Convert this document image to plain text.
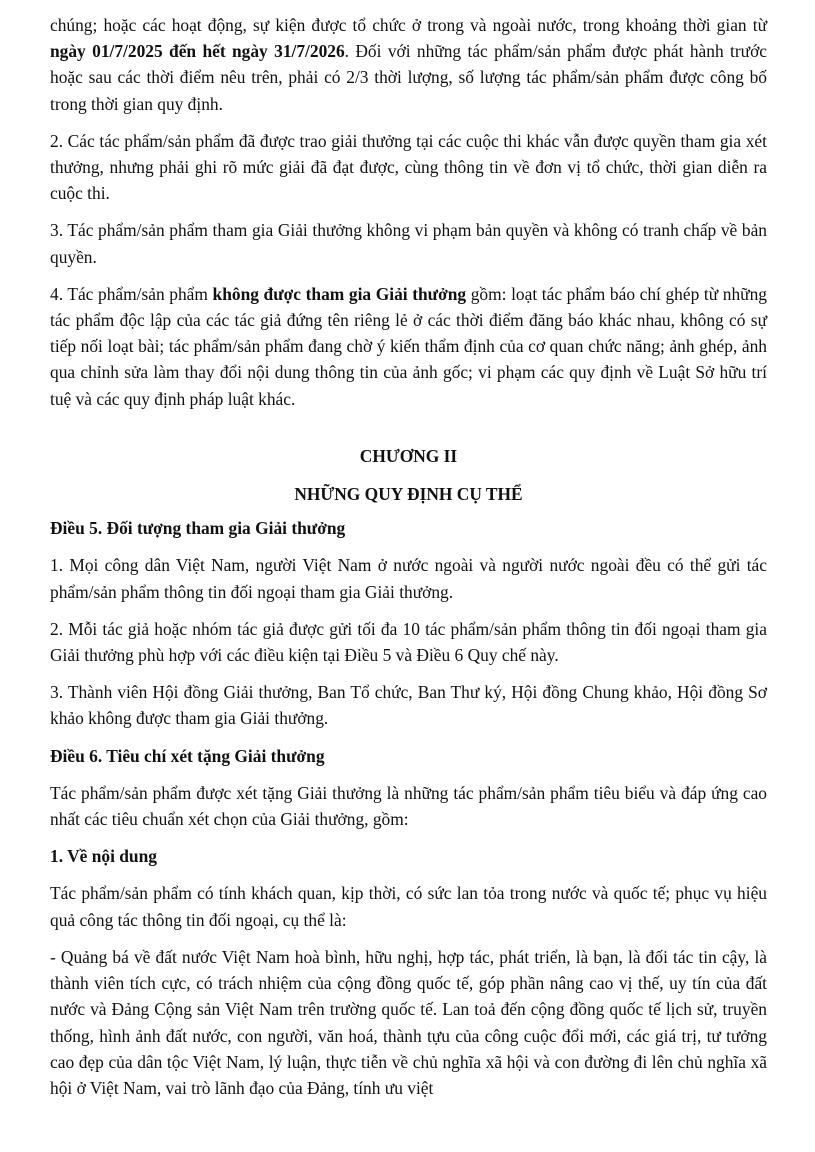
chúng; hoặc các hoạt động, sự kiện được tổ chức ở trong và ngoài nước, trong khoảng thời gian từ ngày 01/7/2025 đến hết ngày 31/7/2026. Đối với những tác phẩm/sản phẩm được phát hành trước hoặc sau các thời điểm nêu trên, phải có 2/3 thời lượng, số lượng tác phẩm/sản phẩm được công bố trong thời gian quy định.

2. Các tác phẩm/sản phẩm đã được trao giải thưởng tại các cuộc thi khác vẫn được quyền tham gia xét thưởng, nhưng phải ghi rõ mức giải đã đạt được, cùng thông tin về đơn vị tổ chức, thời gian diễn ra cuộc thi.

3. Tác phẩm/sản phẩm tham gia Giải thưởng không vi phạm bản quyền và không có tranh chấp về bản quyền.

4. Tác phẩm/sản phẩm không được tham gia Giải thưởng gồm: loạt tác phẩm báo chí ghép từ những tác phẩm độc lập của các tác giả đứng tên riêng lẻ ở các thời điểm đăng báo khác nhau, không có sự tiếp nối loạt bài; tác phẩm/sản phẩm đang chờ ý kiến thẩm định của cơ quan chức năng; ảnh ghép, ảnh qua chỉnh sửa làm thay đổi nội dung thông tin của ảnh gốc; vi phạm các quy định về Luật Sở hữu trí tuệ và các quy định pháp luật khác.

CHƯƠNG II

NHỮNG QUY ĐỊNH CỤ THỂ

Điều 5. Đối tượng tham gia Giải thưởng

1. Mọi công dân Việt Nam, người Việt Nam ở nước ngoài và người nước ngoài đều có thể gửi tác phẩm/sản phẩm thông tin đối ngoại tham gia Giải thưởng.

2. Mỗi tác giả hoặc nhóm tác giả được gửi tối đa 10 tác phẩm/sản phẩm thông tin đối ngoại tham gia Giải thưởng phù hợp với các điều kiện tại Điều 5 và Điều 6 Quy chế này.

3. Thành viên Hội đồng Giải thưởng, Ban Tổ chức, Ban Thư ký, Hội đồng Chung khảo, Hội đồng Sơ khảo không được tham gia Giải thưởng.

Điều 6. Tiêu chí xét tặng Giải thưởng

Tác phẩm/sản phẩm được xét tặng Giải thưởng là những tác phẩm/sản phẩm tiêu biểu và đáp ứng cao nhất các tiêu chuẩn xét chọn của Giải thưởng, gồm:

1. Về nội dung

Tác phẩm/sản phẩm có tính khách quan, kịp thời, có sức lan tỏa trong nước và quốc tế; phục vụ hiệu quả công tác thông tin đối ngoại, cụ thể là:

- Quảng bá về đất nước Việt Nam hoà bình, hữu nghị, hợp tác, phát triển, là bạn, là đối tác tin cậy, là thành viên tích cực, có trách nhiệm của cộng đồng quốc tế, góp phần nâng cao vị thế, uy tín của đất nước và Đảng Cộng sản Việt Nam trên trường quốc tế. Lan toả đến cộng đồng quốc tế lịch sử, truyền thống, hình ảnh đất nước, con người, văn hoá, thành tựu của công cuộc đổi mới, các giá trị, tư tưởng cao đẹp của dân tộc Việt Nam, lý luận, thực tiễn về chủ nghĩa xã hội và con đường đi lên chủ nghĩa xã hội ở Việt Nam, vai trò lãnh đạo của Đảng, tính ưu việt
